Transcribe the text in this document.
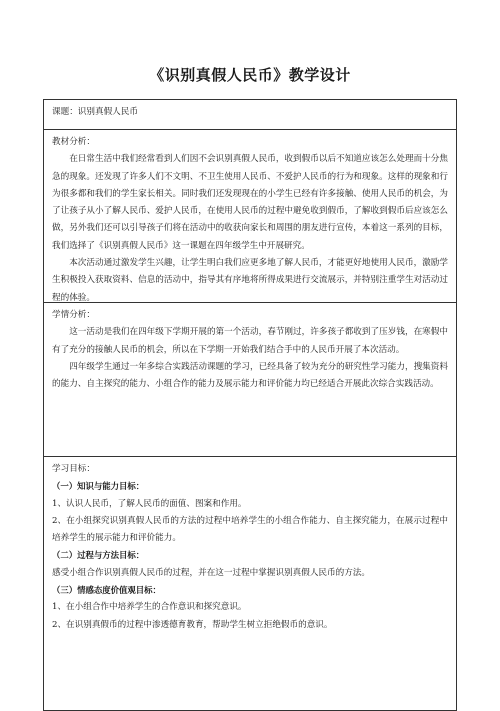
《识别真假人民币》教学设计
课题：识别真假人民币
教材分析：

在日常生活中我们经常看到人们因不会识别真假人民币，收到假币以后不知道应该怎么处理而十分焦急的现象。还发现了许多人们不文明、不卫生使用人民币、不爱护人民币的行为和现象。这样的现象和行为很多都和我们的学生家长相关。同时我们还发现现在的小学生已经有许多接触、使用人民币的机会，为了让孩子从小了解人民币、爱护人民币，在使用人民币的过程中避免收到假币，了解收到假币后应该怎么做，另外我们还可以引导孩子们将在活动中的收获向家长和周围的朋友进行宣传，本着这一系列的目标，我们选择了《识别真假人民币》这一课题在四年级学生中开展研究。

本次活动通过激发学生兴趣，让学生明白我们应更多地了解人民币，才能更好地使用人民币，激励学生积极投入获取资料、信息的活动中，指导其有序地将所得成果进行交流展示，并特别注重学生对活动过程的体验。

学情分析：

这一活动是我们在四年级下学期开展的第一个活动，春节刚过，许多孩子都收到了压岁钱，在寒假中有了充分的接触人民币的机会，所以在下学期一开始我们结合手中的人民币开展了本次活动。

四年级学生通过一年多综合实践活动课题的学习，已经具备了较为充分的研究性学习能力，搜集资料的能力、自主探究的能力、小组合作的能力及展示能力和评价能力均已经适合开展此次综合实践活动。

学习目标：
（一）知识与能力目标：

1、认识人民币，了解人民币的面值、图案和作用。

2、在小组探究识别真假人民币的方法的过程中培养学生的小组合作能力、自主探究能力，在展示过程中培养学生的展示能力和评价能力。

（二）过程与方法目标：

感受小组合作识别真假人民币的过程，并在这一过程中掌握识别真假人民币的方法。

（三）情感态度价值观目标：

1、在小组合作中培养学生的合作意识和探究意识。

2、在识别真假币的过程中渗透德育教育，帮助学生树立拒绝假币的意识。
